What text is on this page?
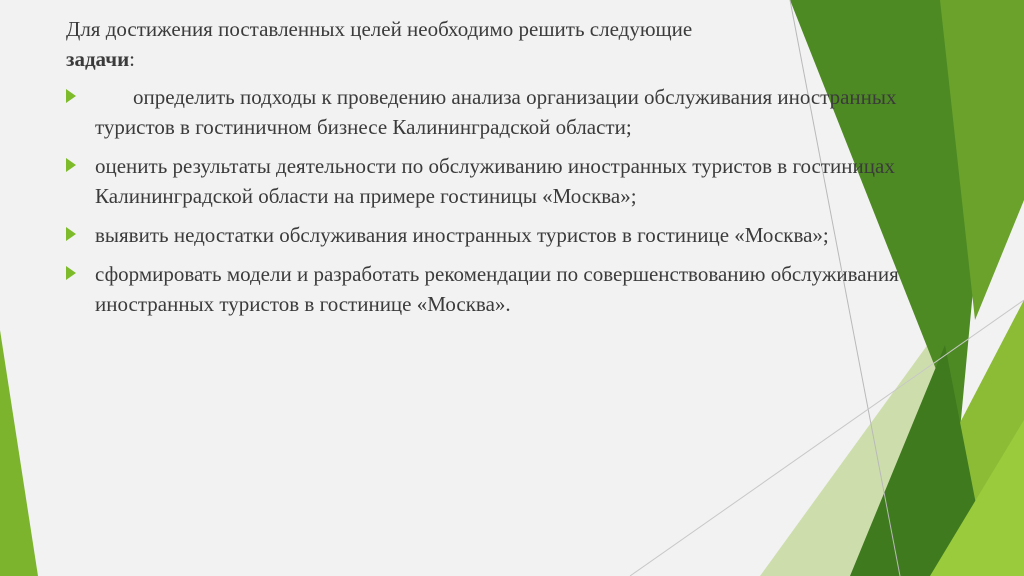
Для достижения поставленных целей необходимо решить следующие
задачи:

определить подходы к проведению анализа организации обслуживания иностранных туристов в гостиничном бизнесе Калининградской области;
оценить результаты деятельности по обслуживанию иностранных туристов в гостиницах Калининградской области на примере гостиницы «Москва»;
выявить недостатки обслуживания иностранных туристов в гостинице «Москва»;
сформировать модели и разработать рекомендации по совершенствованию обслуживания иностранных туристов в гостинице «Москва».
